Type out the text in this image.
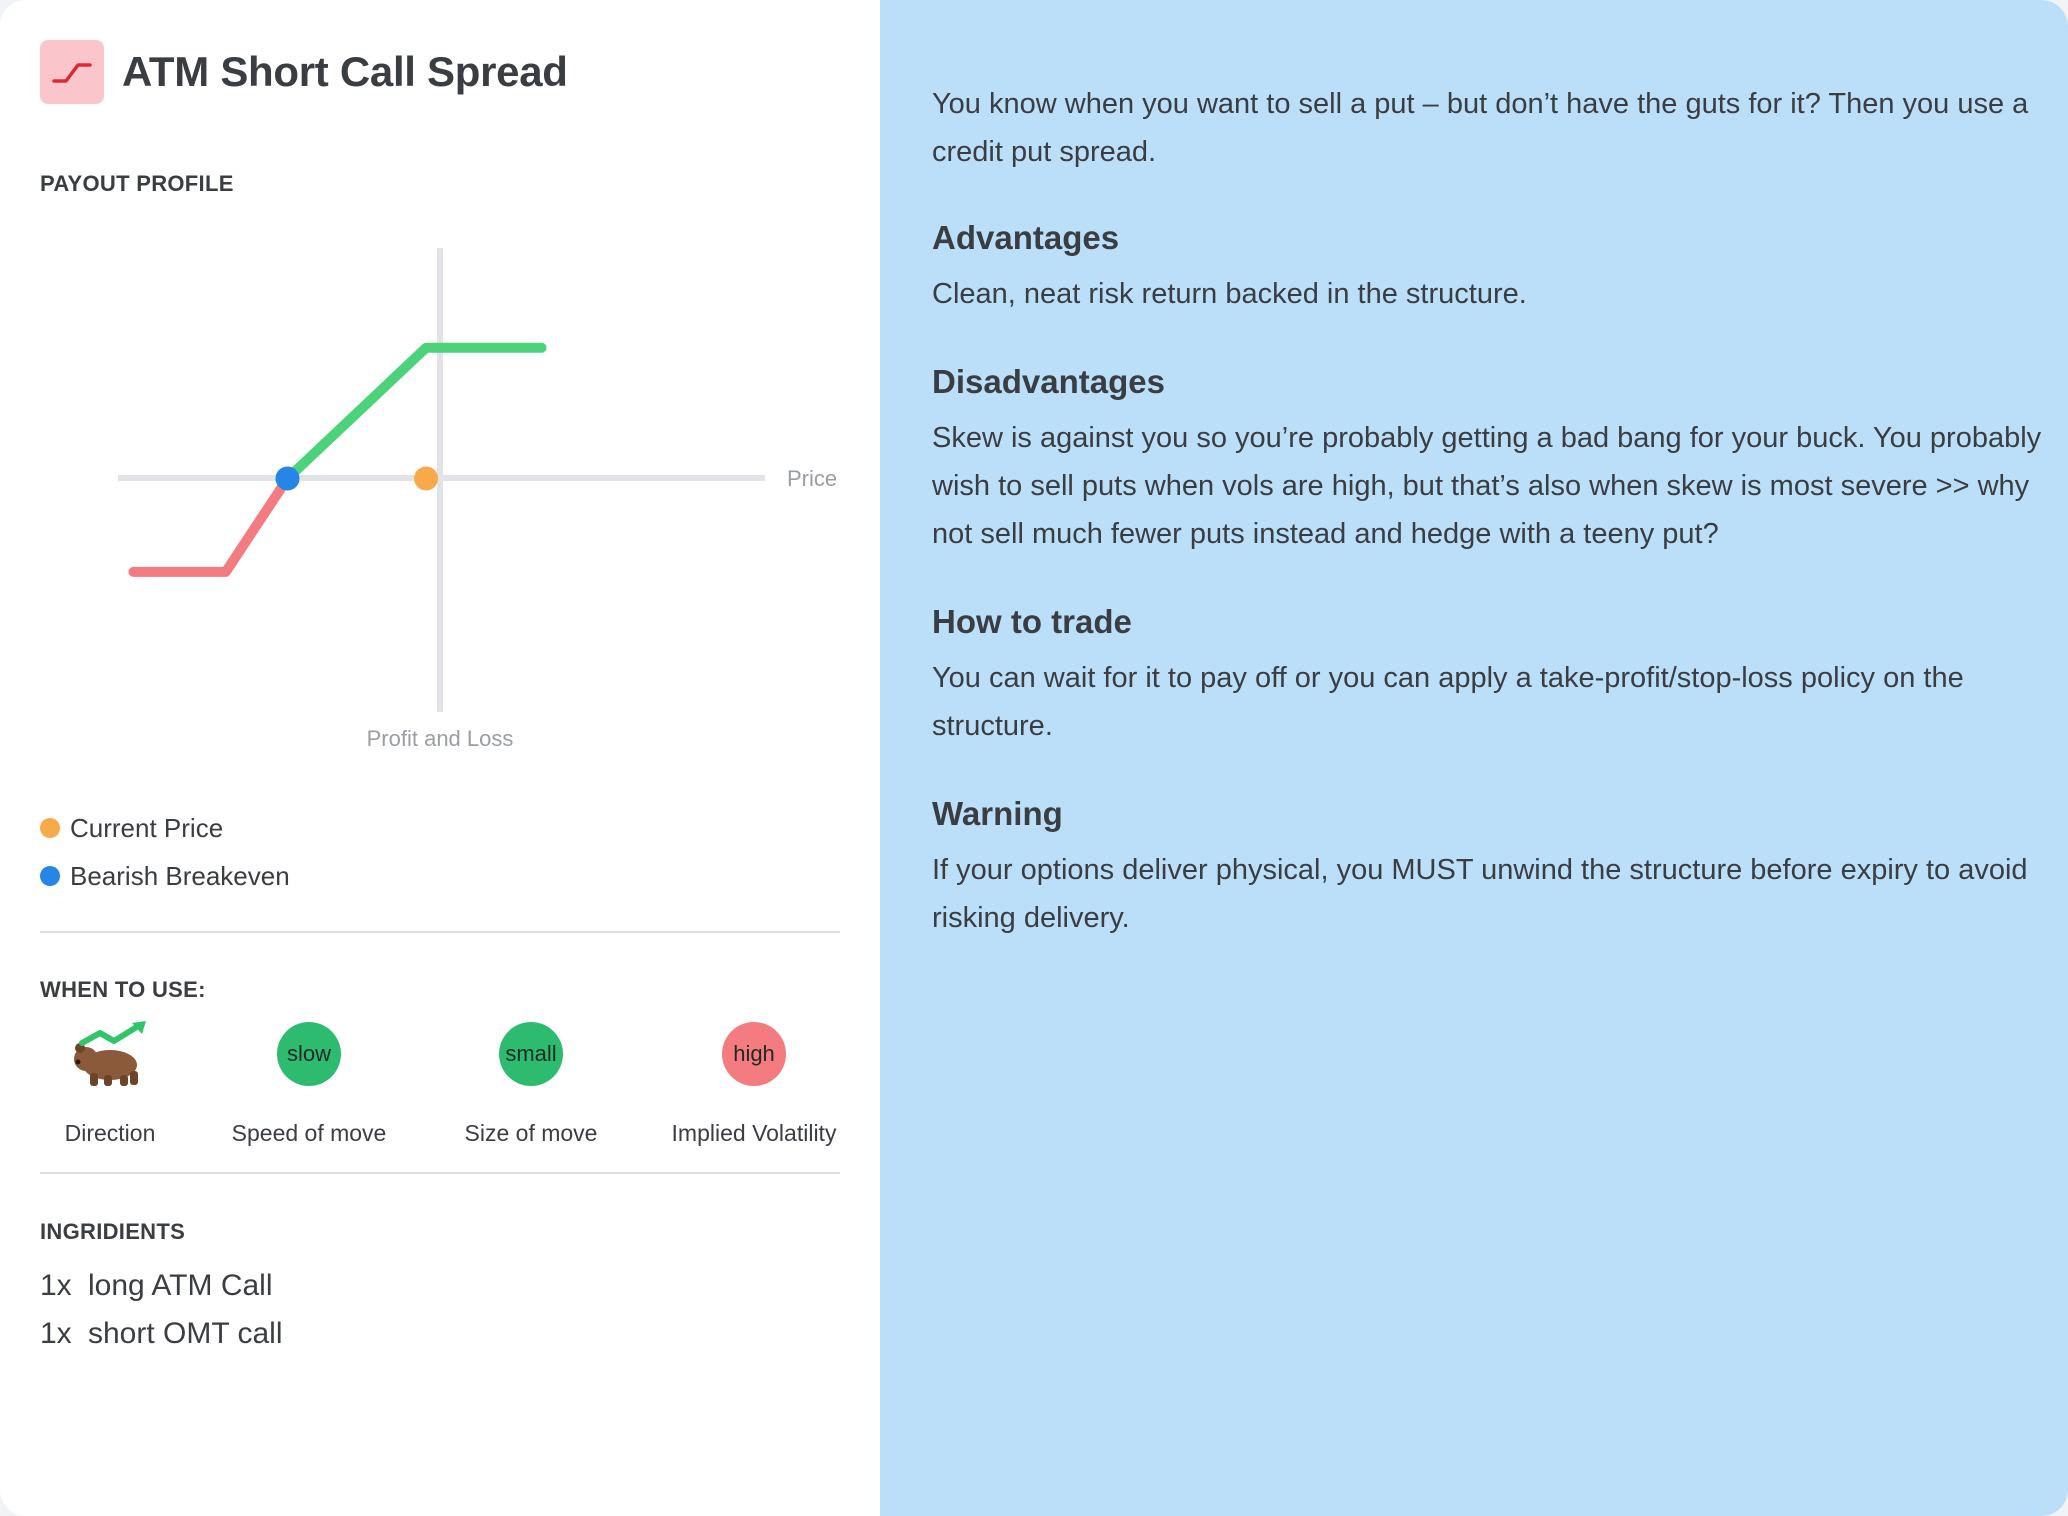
ATM Short Call Spread
PAYOUT PROFILE
Price
Profit and Loss
Current Price
Bearish Breakeven
WHEN TO USE:
Direction
slow
Speed of move
small
Size of move
high
Implied Volatility
INGRIDIENTS
1x long ATM Call
1x short OMT call
You know when you want to sell a put – but don’t have the guts for it? Then you use a credit put spread.
Advantages
Clean, neat risk return backed in the structure.
Disadvantages
Skew is against you so you’re probably getting a bad bang for your buck. You probably wish to sell puts when vols are high, but that’s also when skew is most severe >> why not sell much fewer puts instead and hedge with a teeny put?
How to trade
You can wait for it to pay off or you can apply a take-profit/stop-loss policy on the structure.
Warning
If your options deliver physical, you MUST unwind the structure before expiry to avoid risking delivery.
